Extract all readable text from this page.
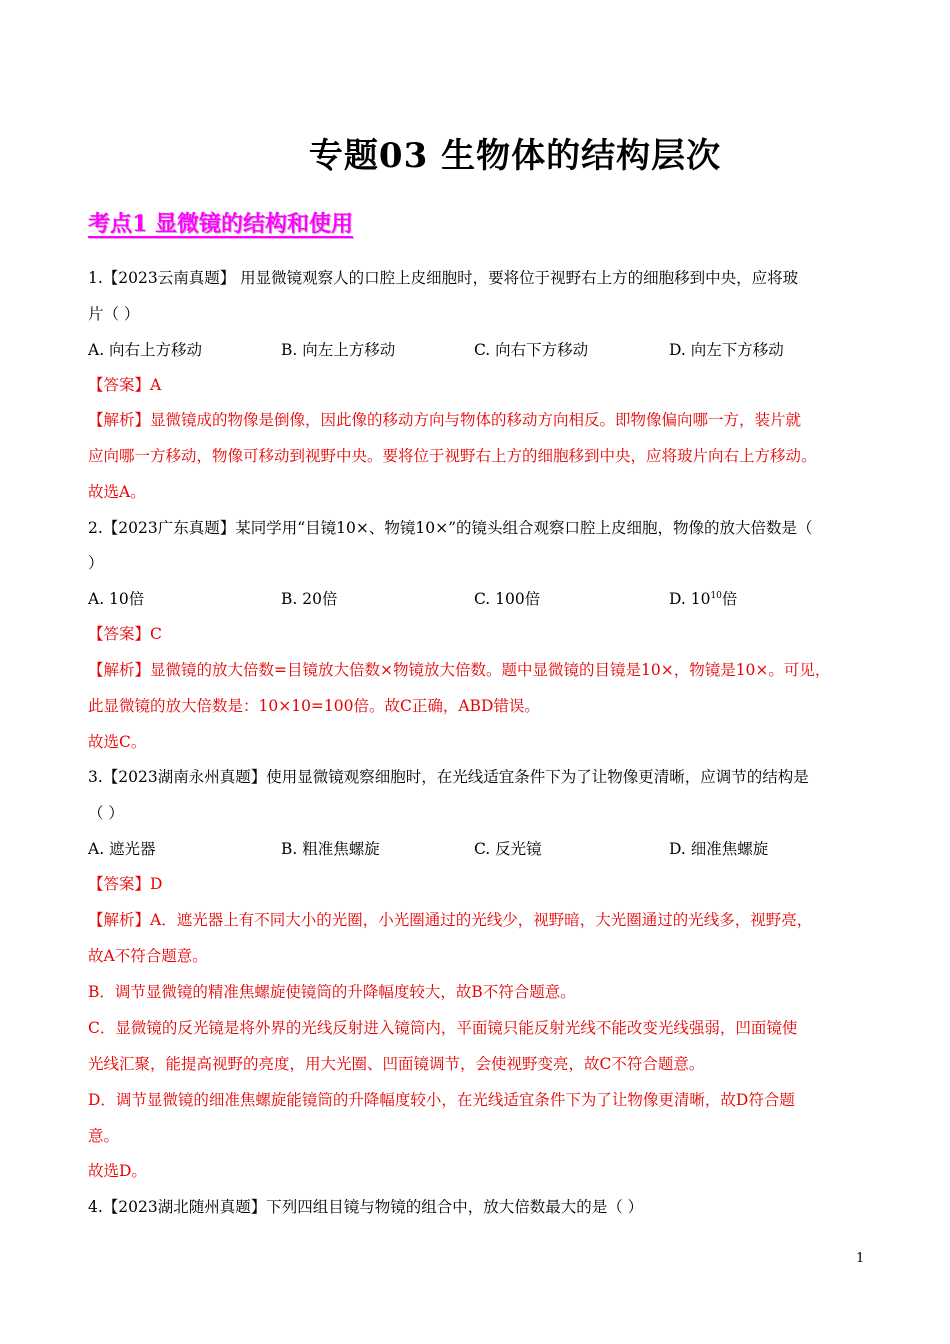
专题03 生物体的结构层次
考点1 显微镜的结构和使用
1.【2023云南真题】 用显微镜观察人的口腔上皮细胞时，要将位于视野右上方的细胞移到中央，应将玻
片（ ）
A. 向右上方移动	B. 向左上方移动	C. 向右下方移动	D. 向左下方移动
【答案】A
【解析】显微镜成的物像是倒像，因此像的移动方向与物体的移动方向相反。即物像偏向哪一方，装片就
应向哪一方移动，物像可移动到视野中央。要将位于视野右上方的细胞移到中央，应将玻片向右上方移动。
故选A。
2.【2023广东真题】某同学用“目镜10×、物镜10×”的镜头组合观察口腔上皮细胞，物像的放大倍数是（
）
A. 10倍	B. 20倍	C. 100倍	D. $10^{10}$倍
【答案】C
【解析】显微镜的放大倍数=目镜放大倍数×物镜放大倍数。题中显微镜的目镜是10×，物镜是10×。可见，
此显微镜的放大倍数是：10×10=100倍。故C正确，ABD错误。
故选C。
3.【2023湖南永州真题】使用显微镜观察细胞时，在光线适宜条件下为了让物像更清晰，应调节的结构是
（ ）
A. 遮光器	B. 粗准焦螺旋	C. 反光镜	D. 细准焦螺旋
【答案】D
【解析】A．遮光器上有不同大小的光圈，小光圈通过的光线少，视野暗，大光圈通过的光线多，视野亮，
故A不符合题意。
B．调节显微镜的精准焦螺旋使镜筒的升降幅度较大，故B不符合题意。
C．显微镜的反光镜是将外界的光线反射进入镜筒内，平面镜只能反射光线不能改变光线强弱，凹面镜使
光线汇聚，能提高视野的亮度，用大光圈、凹面镜调节，会使视野变亮，故C不符合题意。
D．调节显微镜的细准焦螺旋能镜筒的升降幅度较小，在光线适宜条件下为了让物像更清晰，故D符合题
意。
故选D。
4.【2023湖北随州真题】下列四组目镜与物镜的组合中，放大倍数最大的是（ ）
1
